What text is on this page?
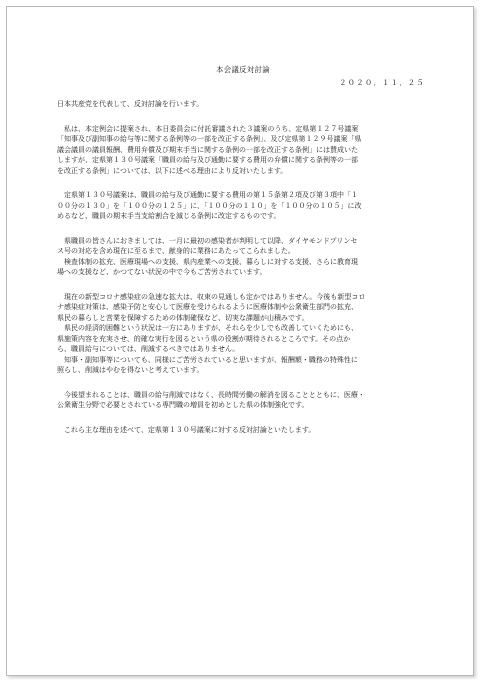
本会議反対討論
２０２０．１１．２５
日本共産党を代表して、反対討論を行います。
　私は、本定例会に提案され、本日委員会に付託審議された３議案のうち、定県第１２７号議案
「知事及び副知事の給与等に関する条例等の一部を改正する条例」、及び定県第１２９号議案「県
議会議員の議員報酬、費用弁償及び期末手当に関する条例の一部を改正する条例」には賛成いた
しますが、定県第１３０号議案「職員の給与及び通勤に要する費用の弁償に関する条例等の一部
を改正する条例」については、以下に述べる理由により反対いたします。
　定県第１３０号議案は、職員の給与及び通勤に要する費用の第１５条第２項及び第３項中「１
００分の１３０」を「１００分の１２５」に、「１００分の１１０」を「１００分の１０５」に改
めるなど、職員の期末手当支給割合を減じる条例に改定するものです。
　県職員の皆さんにおきましては、一月に最初の感染者が判明して以降、ダイヤモンドプリンセ
ス号の対応を含め現在に至るまで、献身的に業務にあたってこられました。
　検査体制の拡充、医療現場への支援、県内産業への支援、暮らしに対する支援、さらに教育現
場への支援など、かつてない状況の中で今もご苦労されています。
　現在の新型コロナ感染症の急速な拡大は、収束の見通しも定かではありません。今後も新型コロ
ナ感染症対策は、感染予防と安心して医療を受けられるように医療体制や公衆衛生部門の拡充、
県民の暮らしと営業を保障するための体制確保など、切実な課題が山積みです。
　県民の経済的困難という状況は一方にありますが、それらを少しでも改善していくためにも、
県施策内容を充実させ、的確な実行を図るという県の役割が期待されるところです。その点か
ら、職員給与については、削減するべきではありません。
　知事・副知事等についても、同様にご苦労されていると思いますが、報酬額・職務の特殊性に
照らし、削減はやむを得ないと考えています。
　今後望まれることは、職員の給与削減ではなく、長時間労働の解消を図ることとともに、医療・
公衆衛生分野で必要とされている専門職の増員を初めとした県の体制強化です。
　これら主な理由を述べて、定県第１３０号議案に対する反対討論といたします。
